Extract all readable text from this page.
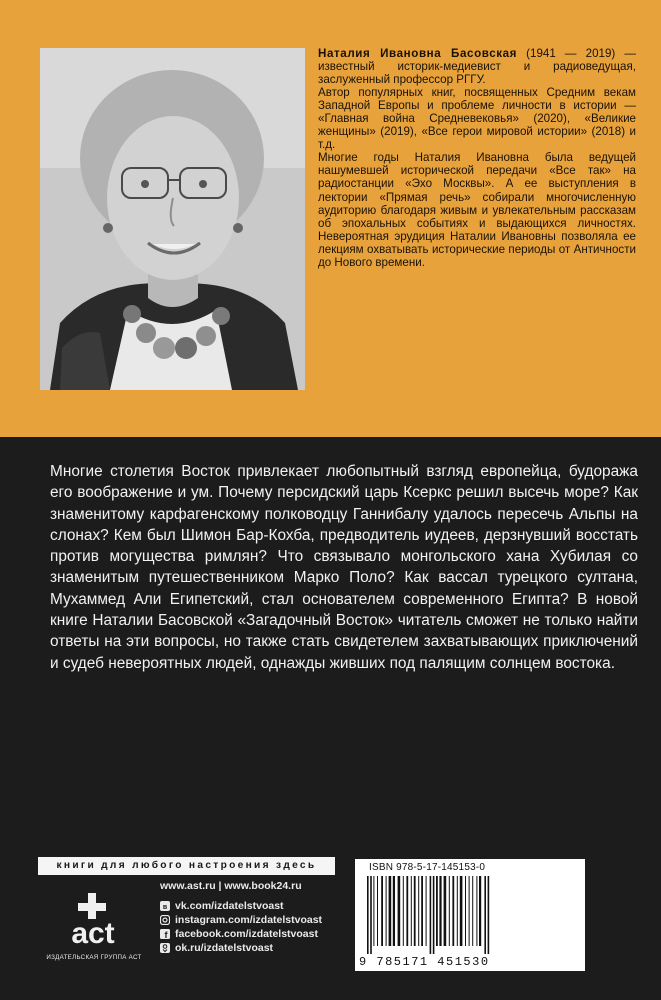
Наталия Ивановна Басовская (1941 — 2019) — известный историк-медиевист и радиоведущая, заслуженный профессор РГГУ.

Автор популярных книг, посвященных Средним векам Западной Европы и проблеме личности в истории — «Главная война Средневековья» (2020), «Великие женщины» (2019), «Все герои мировой истории» (2018) и т.д.

Многие годы Наталия Ивановна была ведущей нашумевшей исторической передачи «Все так» на радиостанции «Эхо Москвы». А ее выступления в лектории «Прямая речь» собирали многочисленную аудиторию благодаря живым и увлекательным рассказам об эпохальных событиях и выдающихся личностях. Невероятная эрудиция Наталии Ивановны позволяла ее лекциям охватывать исторические периоды от Античности до Нового времени.

Многие столетия Восток привлекает любопытный взгляд европейца, будоража его воображение и ум. Почему персидский царь Ксеркс решил высечь море? Как знаменитому карфагенскому полководцу Ганнибалу удалось пересечь Альпы на слонах? Кем был Шимон Бар-Кохба, предводитель иудеев, дерзнувший восстать против могущества римлян? Что связывало монгольского хана Хубилая со знаменитым путешественником Марко Поло? Как вассал турецкого султана, Мухаммед Али Египетский, стал основателем современного Египта? В новой книге Наталии Басовской «Загадочный Восток» читатель сможет не только найти ответы на эти вопросы, но также стать свидетелем захватывающих приключений и судеб невероятных людей, однажды живших под палящим солнцем востока.
книги для любого настроения здесь
act
ИЗДАТЕЛЬСКАЯ ГРУППА АСТ
www.ast.ru | www.book24.ru
в vk.com/izdatelstvoast
instagram.com/izdatelstvoast
f facebook.com/izdatelstvoast
ok.ru/izdatelstvoast
ISBN 978-5-17-145153-0
9 785171 451530
